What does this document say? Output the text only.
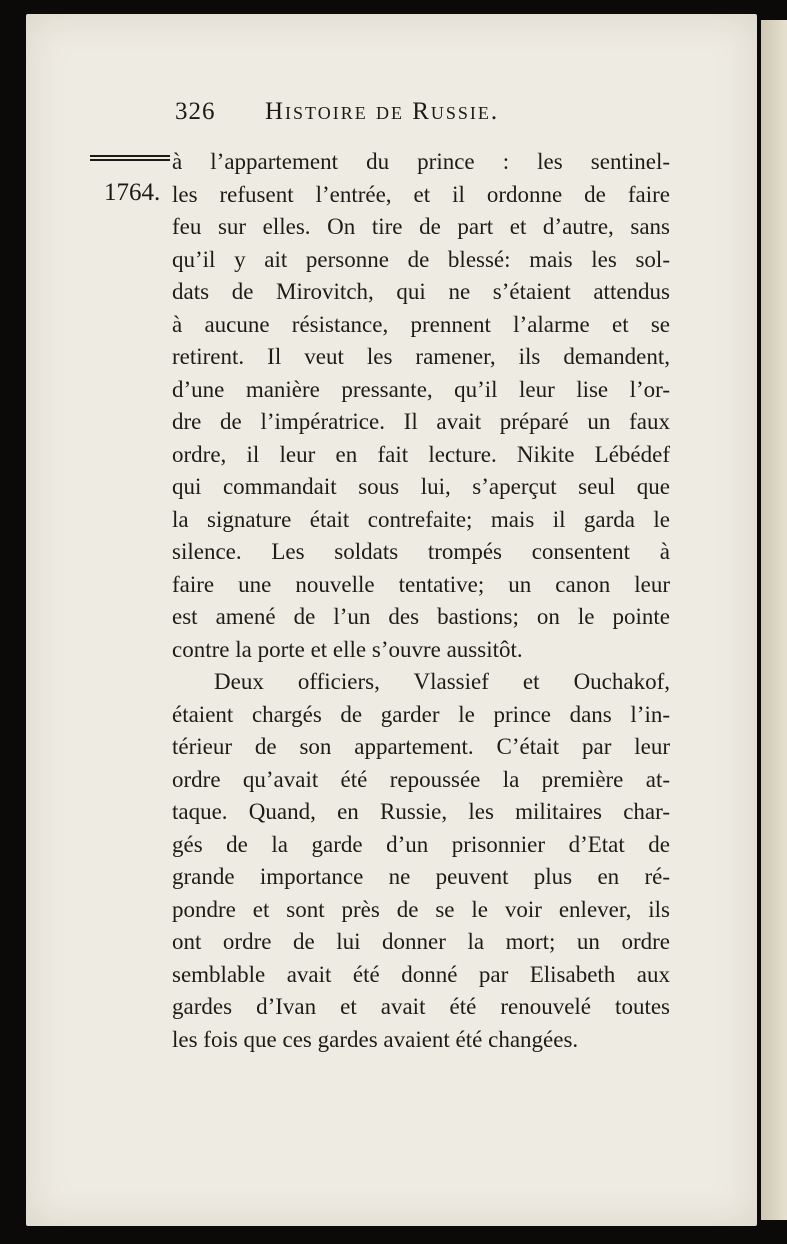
326 Histoire de Russie.
1764.
à l’appartement du prince : les sentinel-
les refusent l’entrée, et il ordonne de faire
feu sur elles. On tire de part et d’autre, sans
qu’il y ait personne de blessé: mais les sol-
dats de Mirovitch, qui ne s’étaient attendus
à aucune résistance, prennent l’alarme et se
retirent. Il veut les ramener, ils demandent,
d’une manière pressante, qu’il leur lise l’or-
dre de l’impératrice. Il avait préparé un faux
ordre, il leur en fait lecture. Nikite Lébédef
qui commandait sous lui, s’aperçut seul que
la signature était contrefaite; mais il garda le
silence. Les soldats trompés consentent à
faire une nouvelle tentative; un canon leur
est amené de l’un des bastions; on le pointe
contre la porte et elle s’ouvre aussitôt.
Deux officiers, Vlassief et Ouchakof,
étaient chargés de garder le prince dans l’in-
térieur de son appartement. C’était par leur
ordre qu’avait été repoussée la première at-
taque. Quand, en Russie, les militaires char-
gés de la garde d’un prisonnier d’Etat de
grande importance ne peuvent plus en ré-
pondre et sont près de se le voir enlever, ils
ont ordre de lui donner la mort; un ordre
semblable avait été donné par Elisabeth aux
gardes d’Ivan et avait été renouvelé toutes
les fois que ces gardes avaient été changées.
